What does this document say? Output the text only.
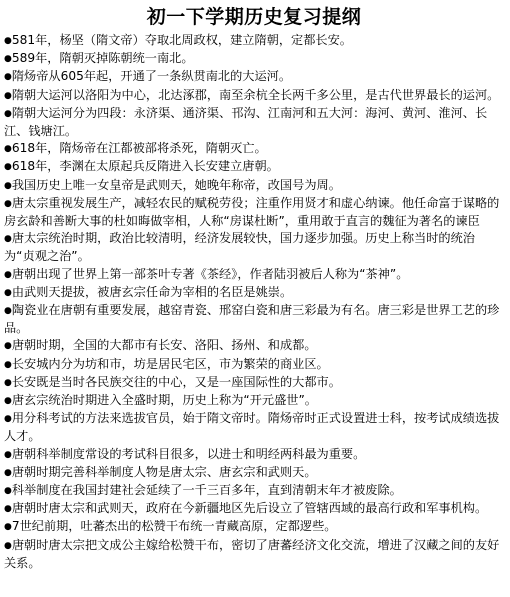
初一下学期历史复习提纲
●581年，杨坚（隋文帝）夺取北周政权，建立隋朝，定都长安。
●589年，隋朝灭掉陈朝统一南北。
●隋炀帝从605年起，开通了一条纵贯南北的大运河。
●隋朝大运河以洛阳为中心，北达涿郡，南至余杭全长两千多公里，是古代世界最长的运河。
●隋朝大运河分为四段：永济渠、通济渠、邗沟、江南河和五大河：海河、黄河、淮河、长江、钱塘江。
●618年，隋炀帝在江都被部将杀死，隋朝灭亡。
●618年，李渊在太原起兵反隋进入长安建立唐朝。
●我国历史上唯一女皇帝是武则天，她晚年称帝，改国号为周。
●唐太宗重视发展生产，减轻农民的赋税劳役；注重作用贤才和虚心纳谏。他任命富于谋略的房玄龄和善断大事的杜如晦做宰相，人称“房谋杜断”，重用敢于直言的魏征为著名的谏臣
●唐太宗统治时期，政治比较清明，经济发展较快，国力逐步加强。历史上称当时的统治为“贞观之治”。
●唐朝出现了世界上第一部茶叶专著《茶经》，作者陆羽被后人称为“茶神”。
●由武则天提拔，被唐玄宗任命为宰相的名臣是姚崇。
●陶瓷业在唐朝有重要发展，越窑青瓷、邢窑白瓷和唐三彩最为有名。唐三彩是世界工艺的珍品。
●唐朝时期，全国的大都市有长安、洛阳、扬州、和成都。
●长安城内分为坊和市，坊是居民宅区，市为繁荣的商业区。
●长安既是当时各民族交往的中心，又是一座国际性的大都市。
●唐玄宗统治时期进入全盛时期，历史上称为“开元盛世”。
●用分科考试的方法来选拔官员，始于隋文帝时。隋炀帝时正式设置进士科，按考试成绩选拔人才。
●唐朝科举制度常设的考试科目很多，以进士和明经两科最为重要。
●唐朝时期完善科举制度人物是唐太宗、唐玄宗和武则天。
●科举制度在我国封建社会延续了一千三百多年，直到清朝末年才被废除。
●唐朝时唐太宗和武则天，政府在今新疆地区先后设立了管辖西域的最高行政和军事机构。
●7世纪前期，吐蕃杰出的松赞干布统一青藏高原，定都逻些。
●唐朝时唐太宗把文成公主嫁给松赞干布，密切了唐蕃经济文化交流，增进了汉藏之间的友好关系。
